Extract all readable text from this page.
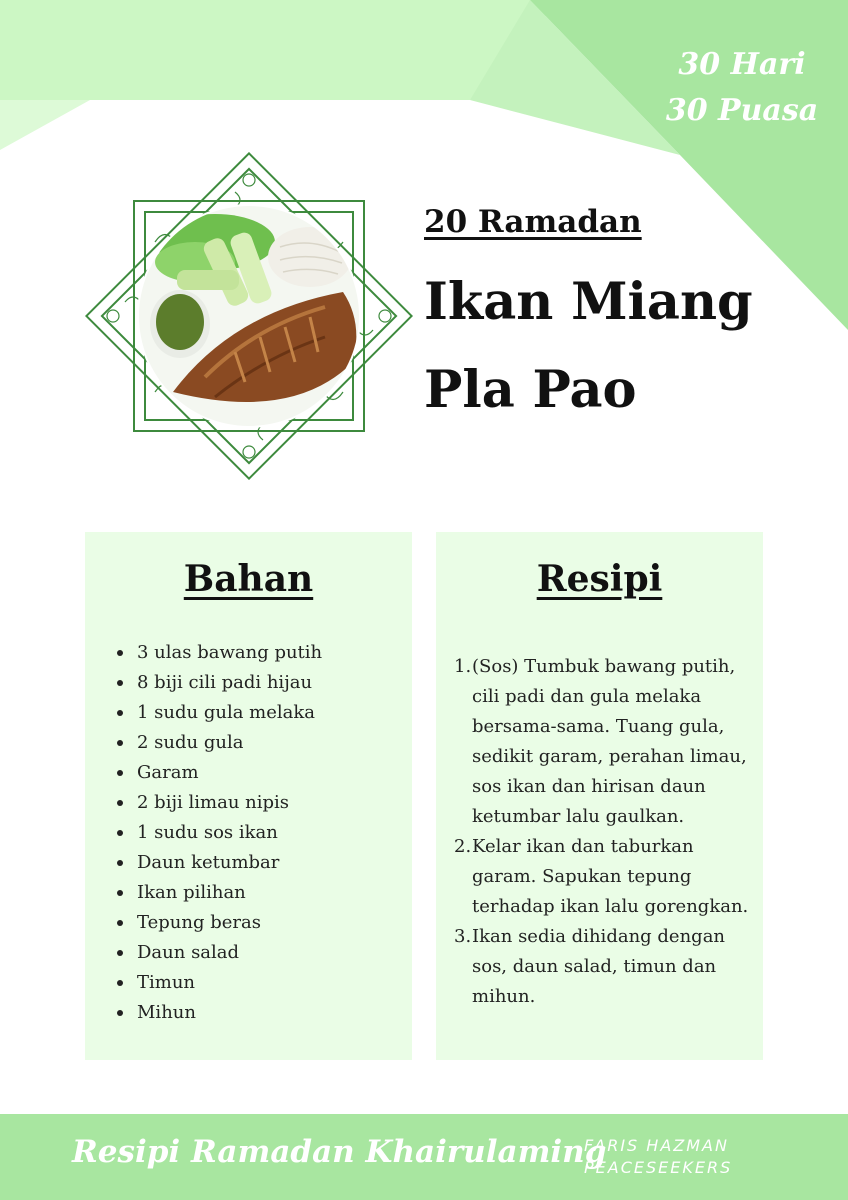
30 Hari
30 Puasa
20 Ramadan
Ikan Miang
Pla Pao
Bahan
3 ulas bawang putih
8 biji cili padi hijau
1 sudu gula melaka
2 sudu gula
Garam
2 biji limau nipis
1 sudu sos ikan
Daun ketumbar
Ikan pilihan
Tepung beras
Daun salad
Timun
Mihun
Resipi
1. (Sos) Tumbuk bawang putih, cili padi dan gula melaka bersama-sama. Tuang gula, sedikit garam, perahan limau, sos ikan dan hirisan daun ketumbar lalu gaulkan.
2. Kelar ikan dan taburkan garam. Sapukan tepung terhadap ikan lalu gorengkan.
3. Ikan sedia dihidang dengan sos, daun salad, timun dan mihun.
Resipi Ramadan Khairulaming
FARIS HAZMAN
PEACESEEKERS
